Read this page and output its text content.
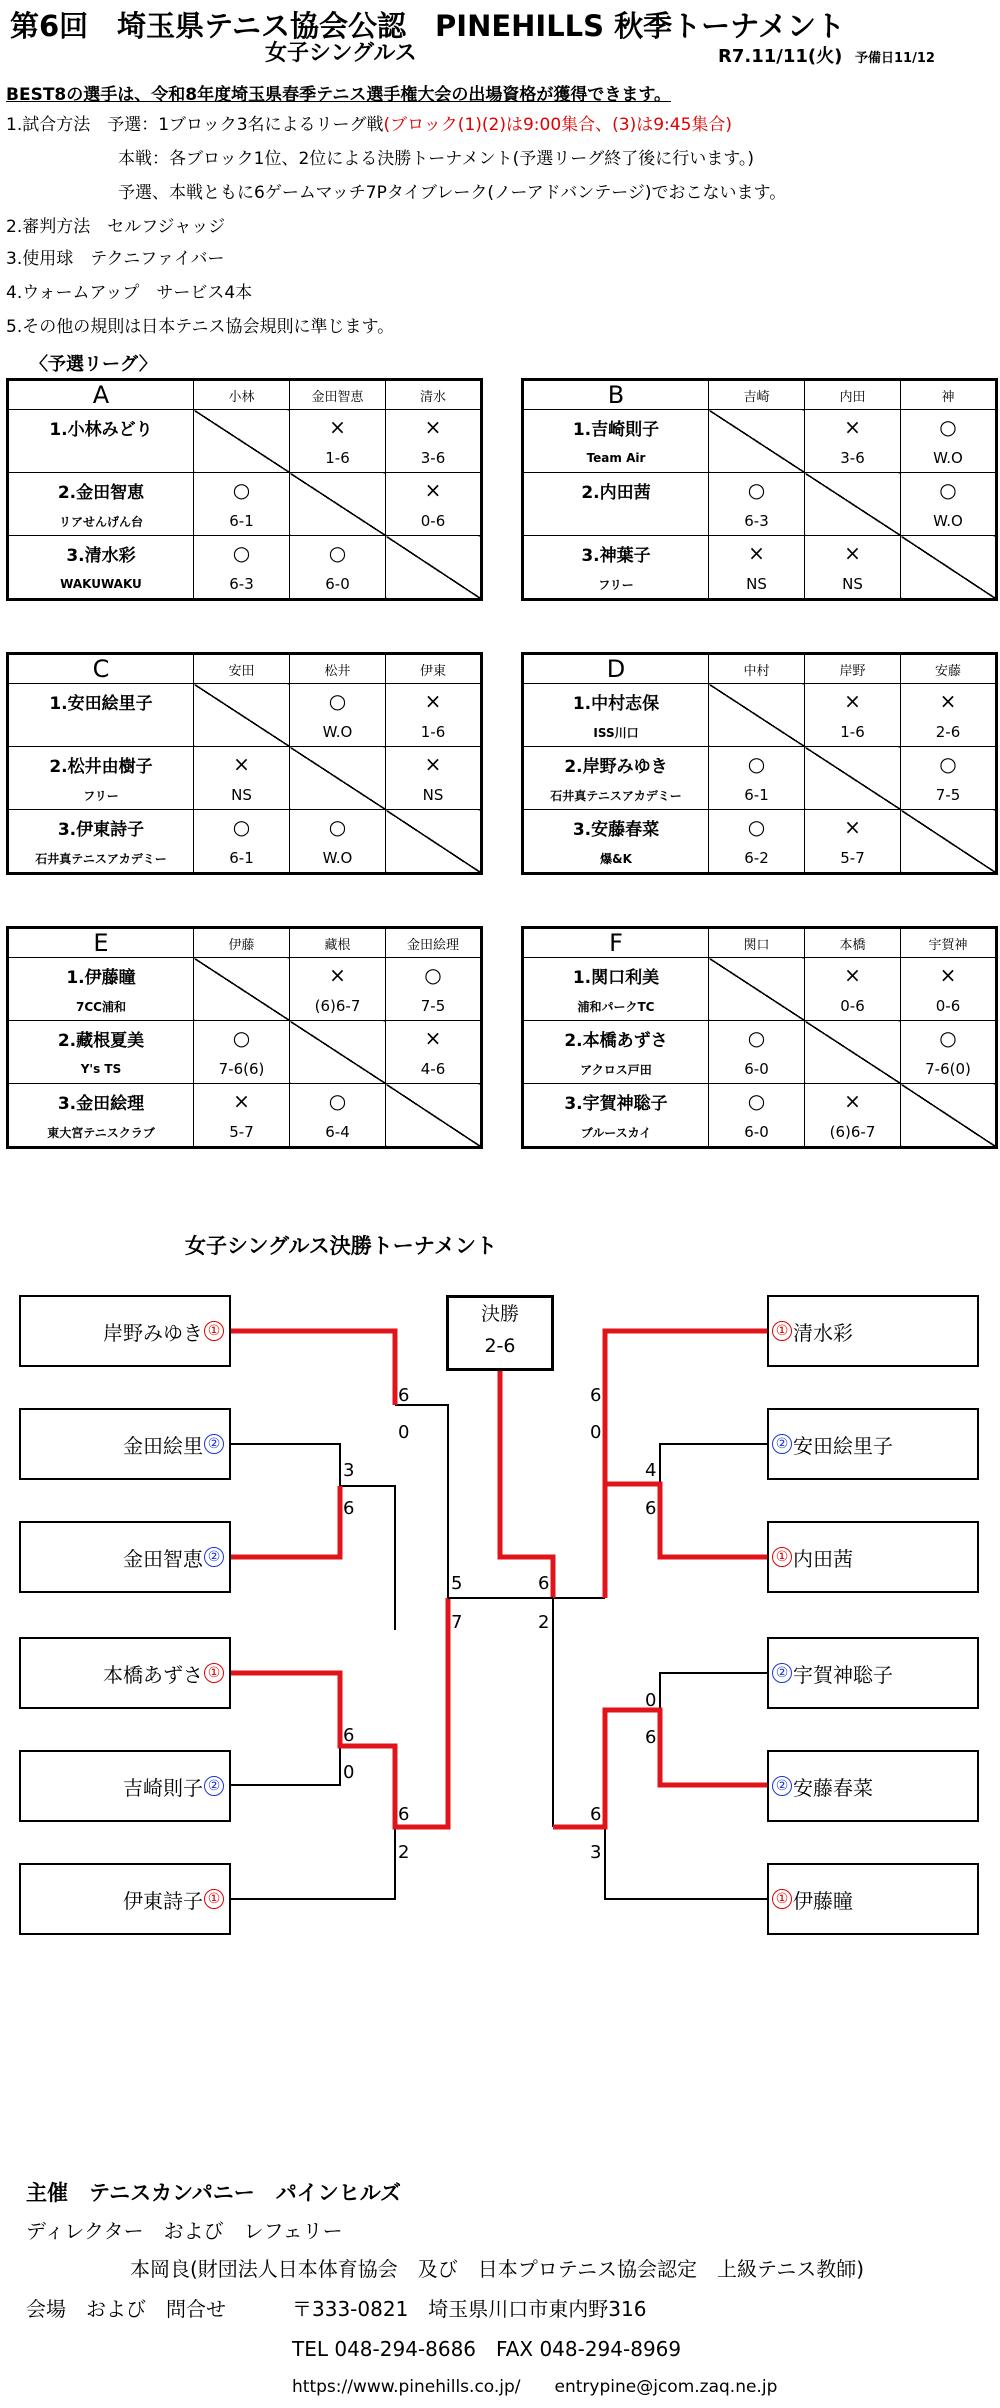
第6回　埼玉県テニス協会公認　PINEHILLS 秋季トーナメント
女子シングルス	R7.11/11(火) 予備日11/12
BEST8の選手は、令和8年度埼玉県春季テニス選手権大会の出場資格が獲得できます。
1.試合方法　予選：1ブロック3名によるリーグ戦(ブロック(1)(2)は9:00集合、(3)は9:45集合)
本戦：各ブロック1位、2位による決勝トーナメント(予選リーグ終了後に行います。)
予選、本戦ともに6ゲームマッチ7Pタイブレーク(ノーアドバンテージ)でおこないます。
2.審判方法　セルフジャッジ
3.使用球　テクニファイバー
4.ウォームアップ　サービス4本
5.その他の規則は日本テニス協会規則に準じます。
〈予選リーグ〉
A	小林	金田智恵	清水
1.小林みどり		×	×
		1-6	3-6
2.金田智恵	○		×
リアせんげん台	6-1		0-6
3.清水彩	○	○	
WAKUWAKU	6-3	6-0	
B	吉崎	内田	神
1.吉崎則子		×	○
Team Air		3-6	W.O
2.内田茜	○		○
	6-3		W.O
3.神葉子	×	×	
フリー	NS	NS	
C	安田	松井	伊東
1.安田絵里子		○	×
		W.O	1-6
2.松井由樹子	×		×
フリー	NS		NS
3.伊東詩子	○	○	
石井真テニスアカデミー	6-1	W.O	
D	中村	岸野	安藤
1.中村志保		×	×
ISS川口		1-6	2-6
2.岸野みゆき	○		○
石井真テニスアカデミー	6-1		7-5
3.安藤春菜	○	×	
爆&K	6-2	5-7	
E	伊藤	藏根	金田絵理
1.伊藤瞳		×	○
7CC浦和		(6)6-7	7-5
2.藏根夏美	○		×
Y's TS	7-6(6)		4-6
3.金田絵理	×	○	
東大宮テニスクラブ	5-7	6-4	
F	関口	本橋	宇賀神
1.関口利美		×	×
浦和パークTC		0-6	0-6
2.本橋あずさ	○		○
アクロス戸田	6-0		7-6(0)
3.宇賀神聡子	○	×	
ブルースカイ	6-0	(6)6-7	
女子シングルス決勝トーナメント
決勝
2-6
岸野みゆき ①
金田絵里 ②
金田智恵 ②
本橋あずさ ①
吉崎則子 ②
伊東詩子 ①
① 清水彩
② 安田絵里子
① 内田茜
② 宇賀神聡子
② 安藤春菜
① 伊藤瞳
3
6
6
0
6
0
6
2
5
7
4
6
6
0
0
6
6
3
6
2
主催　テニスカンパニー　パインヒルズ
ディレクター　および　レフェリー
本岡良(財団法人日本体育協会　及び　日本プロテニス協会認定　上級テニス教師)
会場　および　問合せ	〒333-0821　埼玉県川口市東内野316
TEL 048-294-8686　FAX 048-294-8969
https://www.pinehills.co.jp/　　entrypine@jcom.zaq.ne.jp
